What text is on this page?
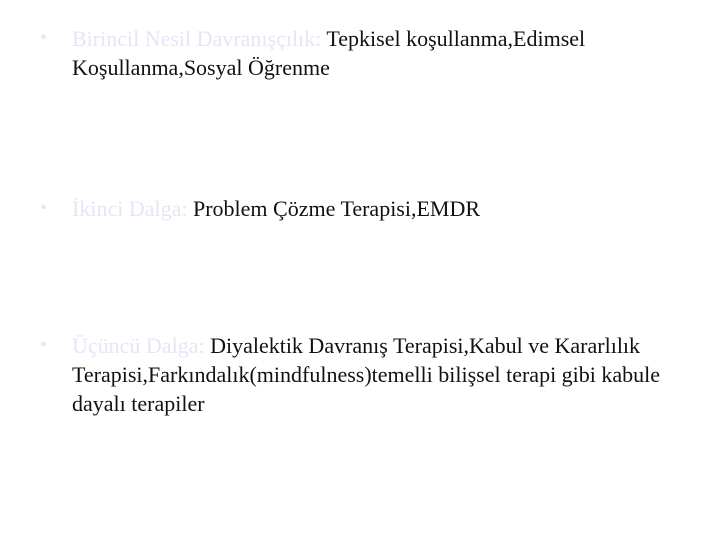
•	Birincil Nesil Davranışçılık: Tepkisel koşullanma,Edimsel Koşullanma,Sosyal Öğrenme
•	İkinci Dalga: Problem Çözme Terapisi,EMDR
•	Üçüncü Dalga: Diyalektik Davranış Terapisi,Kabul ve Kararlılık Terapisi,Farkındalık(mindfulness)temelli bilişsel terapi gibi kabule dayalı terapiler
